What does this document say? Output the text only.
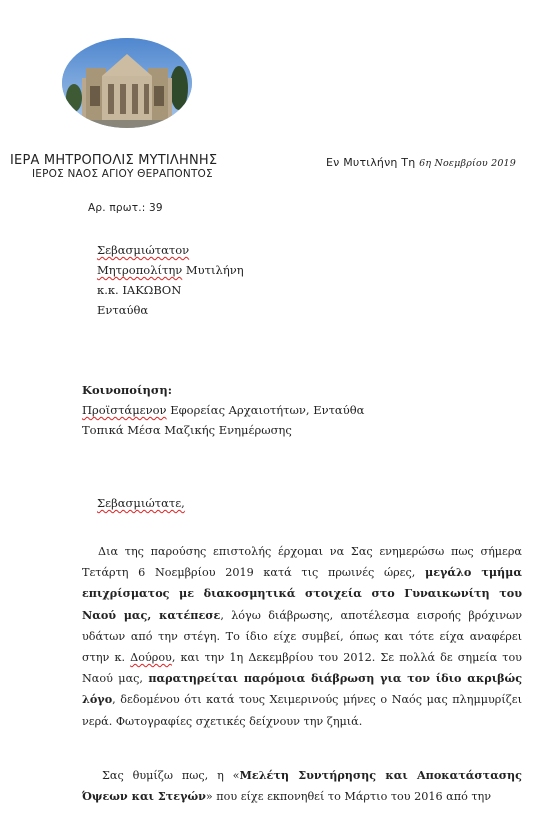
ΙΕΡΑ ΜΗΤΡΟΠΟΛΙΣ ΜΥΤΙΛΗΝΗΣ
ΙΕΡΟΣ ΝΑΟΣ ΑΓΙΟΥ ΘΕΡΑΠΟΝΤΟΣ
Εν Μυτιλήνη Τη 6η Νοεμβρίου 2019
Αρ. πρωτ.: 39
Σεβασμιώτατον
Μητροπολίτην Μυτιλήνη
κ.κ. ΙΑΚΩΒΟΝ
Ενταύθα
Κοινοποίηση:
Προϊστάμενον Εφορείας Αρχαιοτήτων, Ενταύθα
Τοπικά Μέσα Μαζικής Ενημέρωσης
Σεβασμιώτατε,

Δια της παρούσης επιστολής έρχομαι να Σας ενημερώσω πως σήμερα Τετάρτη 6 Νοεμβρίου 2019 κατά τις πρωινές ώρες, μεγάλο τμήμα επιχρίσματος με διακοσμητικά στοιχεία στο Γυναικωνίτη του Ναού μας, κατέπεσε, λόγω διάβρωσης, αποτέλεσμα εισροής βρόχινων υδάτων από την στέγη. Το ίδιο είχε συμβεί, όπως και τότε είχα αναφέρει στην κ. Δούρου, και την 1η Δεκεμβρίου του 2012. Σε πολλά δε σημεία του Ναού μας, παρατηρείται παρόμοια διάβρωση για τον ίδιο ακριβώς λόγο, δεδομένου ότι κατά τους Χειμερινούς μήνες ο Ναός μας πλημμυρίζει νερά. Φωτογραφίες σχετικές δείχνουν την ζημιά.

Σας θυμίζω πως, η «Μελέτη Συντήρησης και Αποκατάστασης Όψεων και Στεγών» που είχε εκπονηθεί το Μάρτιο του 2016 από την
